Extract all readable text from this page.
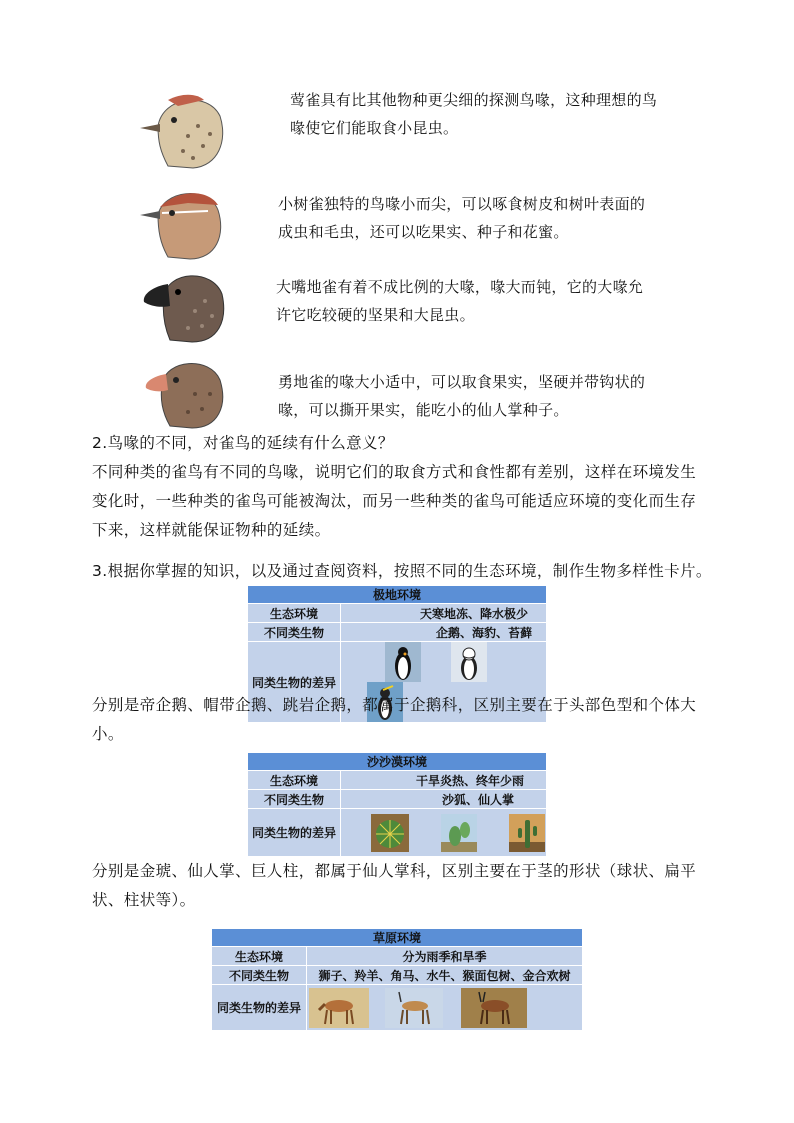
莺雀具有比其他物种更尖细的探测鸟喙，这种理想的鸟
喙使它们能取食小昆虫。
小树雀独特的鸟喙小而尖，可以啄食树皮和树叶表面的
成虫和毛虫，还可以吃果实、种子和花蜜。
大嘴地雀有着不成比例的大喙，喙大而钝，它的大喙允
许它吃较硬的坚果和大昆虫。
勇地雀的喙大小适中，可以取食果实，坚硬并带钩状的
喙，可以撕开果实，能吃小的仙人掌种子。
2.鸟喙的不同，对雀鸟的延续有什么意义？
不同种类的雀鸟有不同的鸟喙，说明它们的取食方式和食性都有差别，这样在环境发生
变化时，一些种类的雀鸟可能被淘汰，而另一些种类的雀鸟可能适应环境的变化而生存
下来，这样就能保证物种的延续。
3.根据你掌握的知识，以及通过查阅资料，按照不同的生态环境，制作生物多样性卡片。
极地环境	
生态环境	天寒地冻、降水极少
不同类生物	企鹅、海豹、苔藓
同类生物的差异	
分别是帝企鹅、帽带企鹅、跳岩企鹅，都属于企鹅科，区别主要在于头部色型和个体大
小。
沙沙漠环境	
生态环境	干旱炎热、终年少雨
不同类生物	沙狐、仙人掌
同类生物的差异	
分别是金琥、仙人掌、巨人柱，都属于仙人掌科，区别主要在于茎的形状（球状、扁平
状、柱状等）。
草原环境	
生态环境	分为雨季和旱季
不同类生物	狮子、羚羊、角马、水牛、猴面包树、金合欢树
同类生物的差异	
